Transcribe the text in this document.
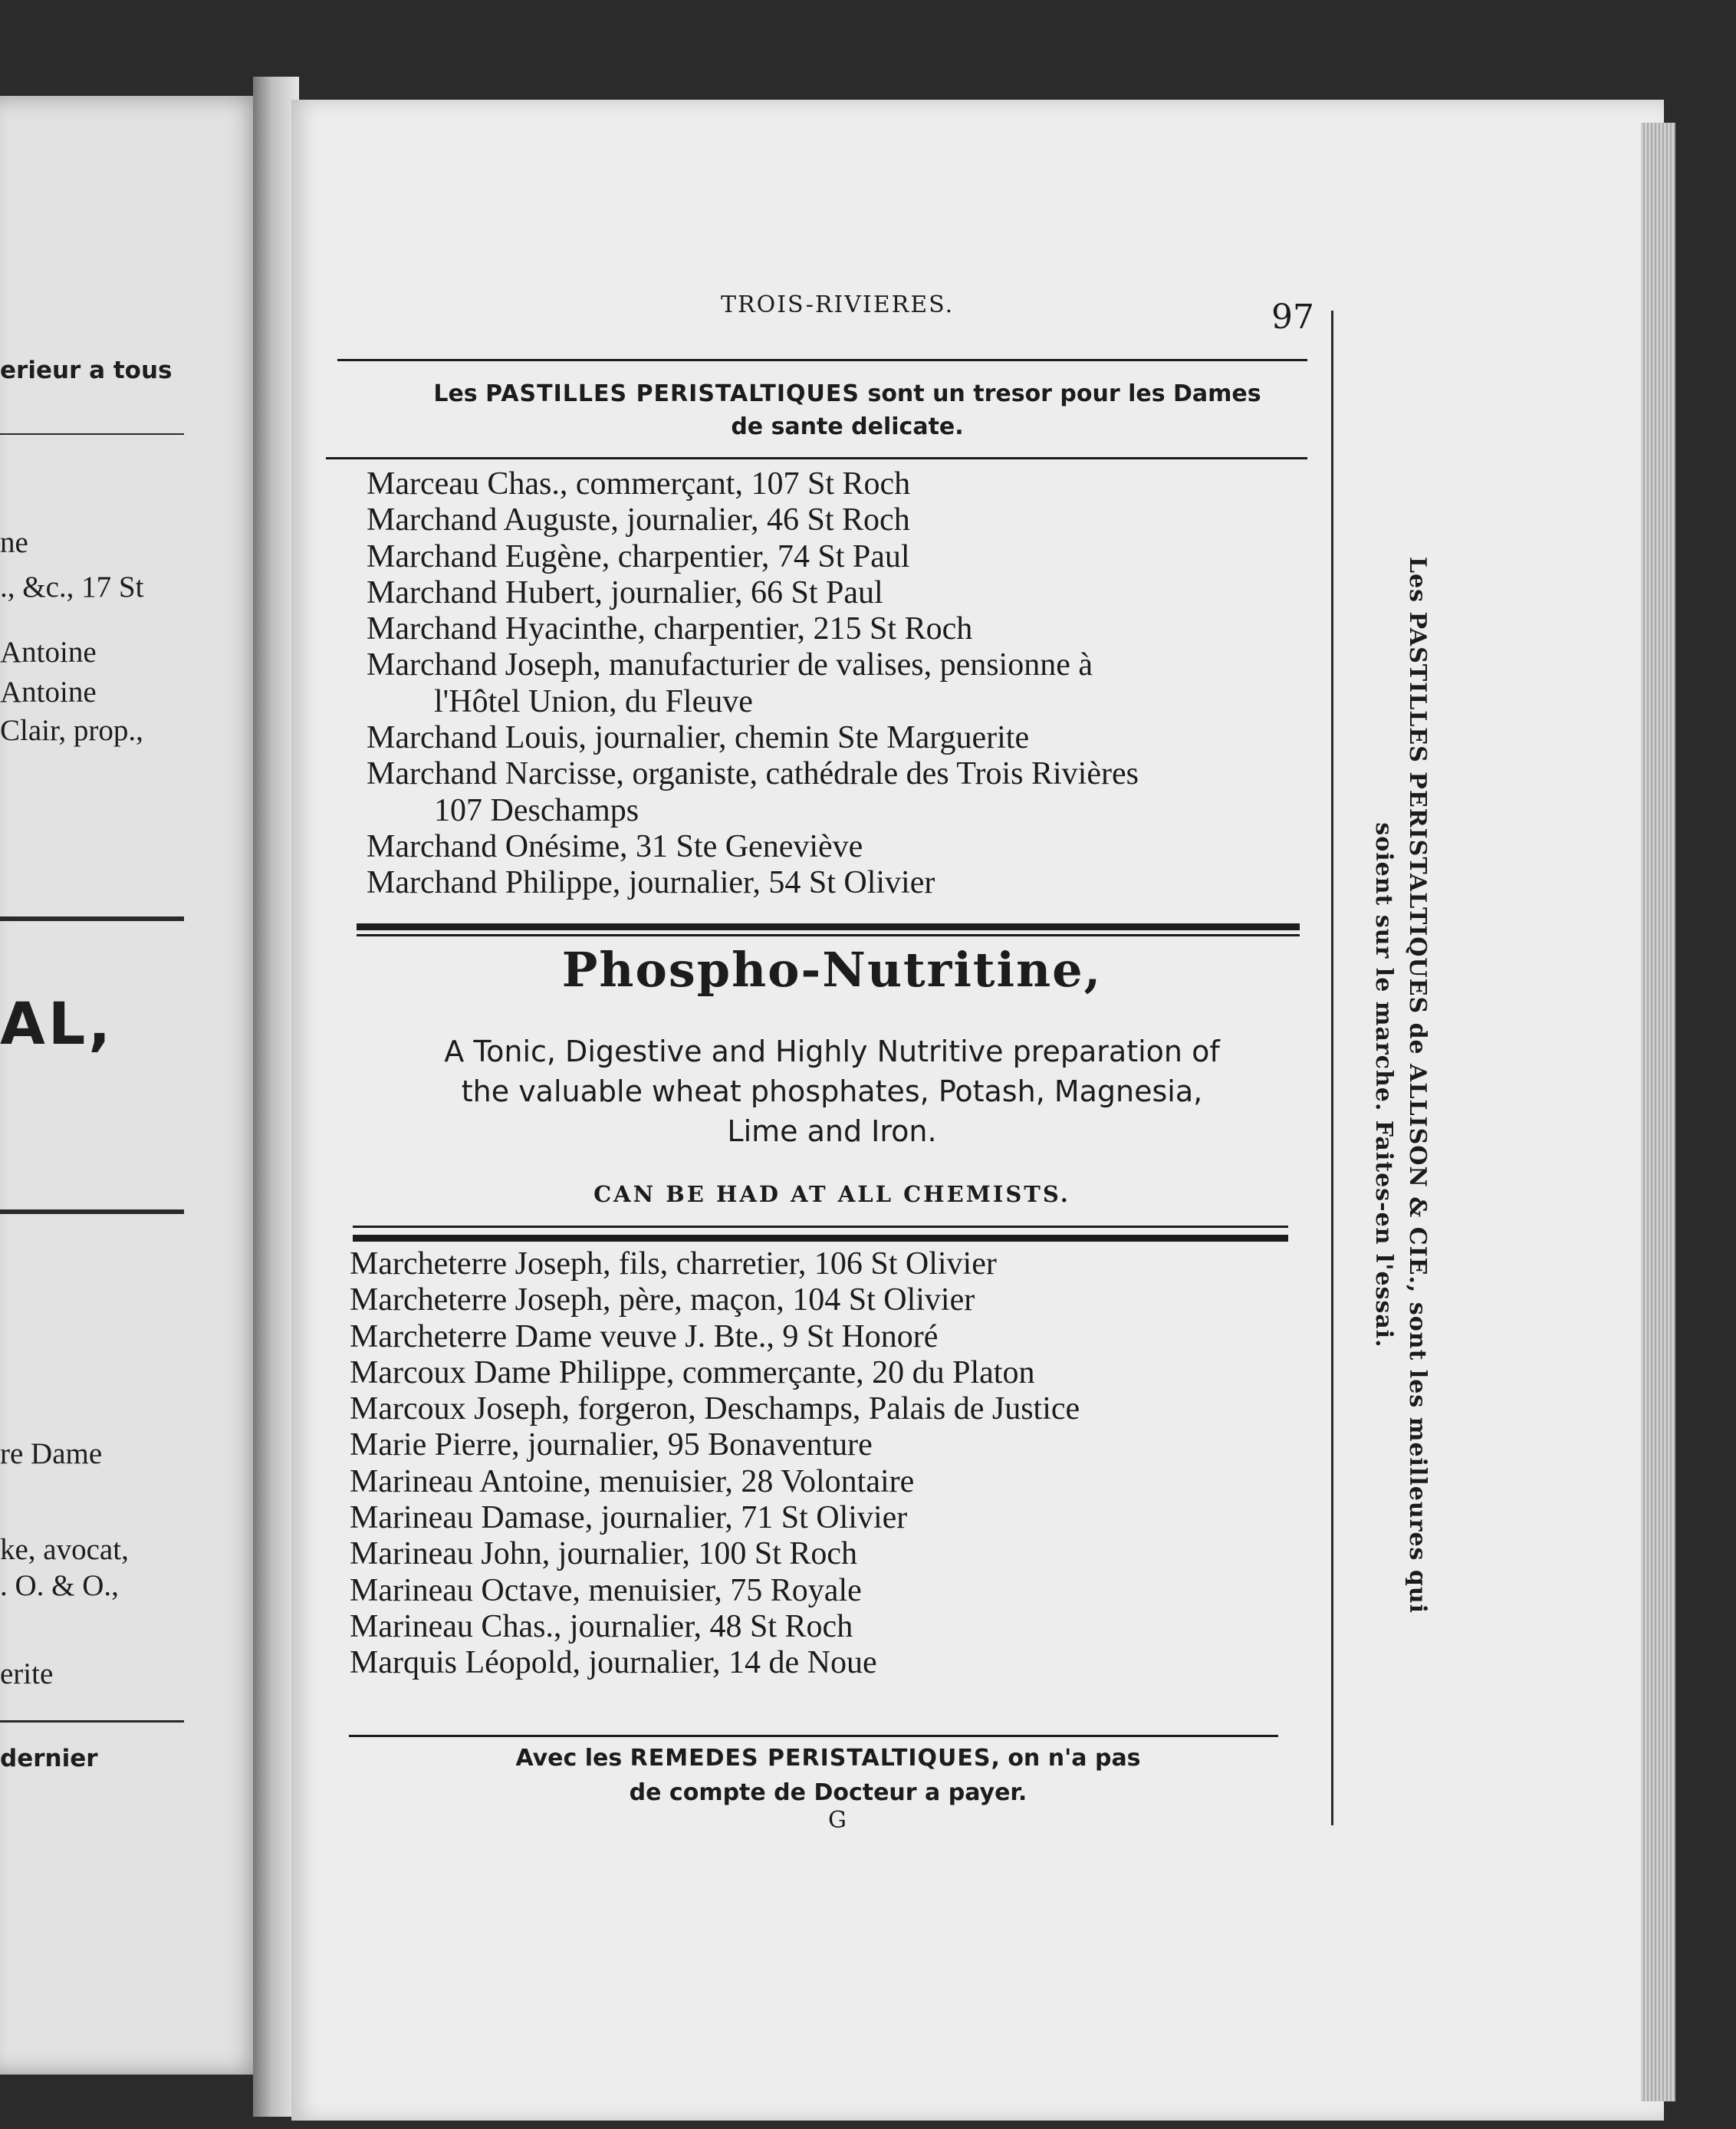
erieur a tous
ne
., &c., 17 St
Antoine
Antoine
Clair, prop.,
AL,
re Dame
ke, avocat,
. O. & O.,
erite
dernier
TROIS-RIVIERES.	97
Les PASTILLES PERISTALTIQUES sont un tresor pour les Dames
de sante delicate.
Marceau Chas., commerçant, 107 St Roch
Marchand Auguste, journalier, 46 St Roch
Marchand Eugène, charpentier, 74 St Paul
Marchand Hubert, journalier, 66 St Paul
Marchand Hyacinthe, charpentier, 215 St Roch
Marchand Joseph, manufacturier de valises, pensionne à
l'Hôtel Union, du Fleuve
Marchand Louis, journalier, chemin Ste Marguerite
Marchand Narcisse, organiste, cathédrale des Trois Rivières
107 Deschamps
Marchand Onésime, 31 Ste Geneviève
Marchand Philippe, journalier, 54 St Olivier
Phospho-Nutritine,
A Tonic, Digestive and Highly Nutritive preparation of
the valuable wheat phosphates, Potash, Magnesia,
Lime and Iron.
CAN BE HAD AT ALL CHEMISTS.
Marcheterre Joseph, fils, charretier, 106 St Olivier
Marcheterre Joseph, père, maçon, 104 St Olivier
Marcheterre Dame veuve J. Bte., 9 St Honoré
Marcoux Dame Philippe, commerçante, 20 du Platon
Marcoux Joseph, forgeron, Deschamps, Palais de Justice
Marie Pierre, journalier, 95 Bonaventure
Marineau Antoine, menuisier, 28 Volontaire
Marineau Damase, journalier, 71 St Olivier
Marineau John, journalier, 100 St Roch
Marineau Octave, menuisier, 75 Royale
Marineau Chas., journalier, 48 St Roch
Marquis Léopold, journalier, 14 de Noue
Avec les REMEDES PERISTALTIQUES, on n'a pas
de compte de Docteur a payer.
G
Les PASTILLES PERISTALTIQUES de ALLISON & CIE., sont les meilleures qui
soient sur le marche. Faites-en l'essai.
